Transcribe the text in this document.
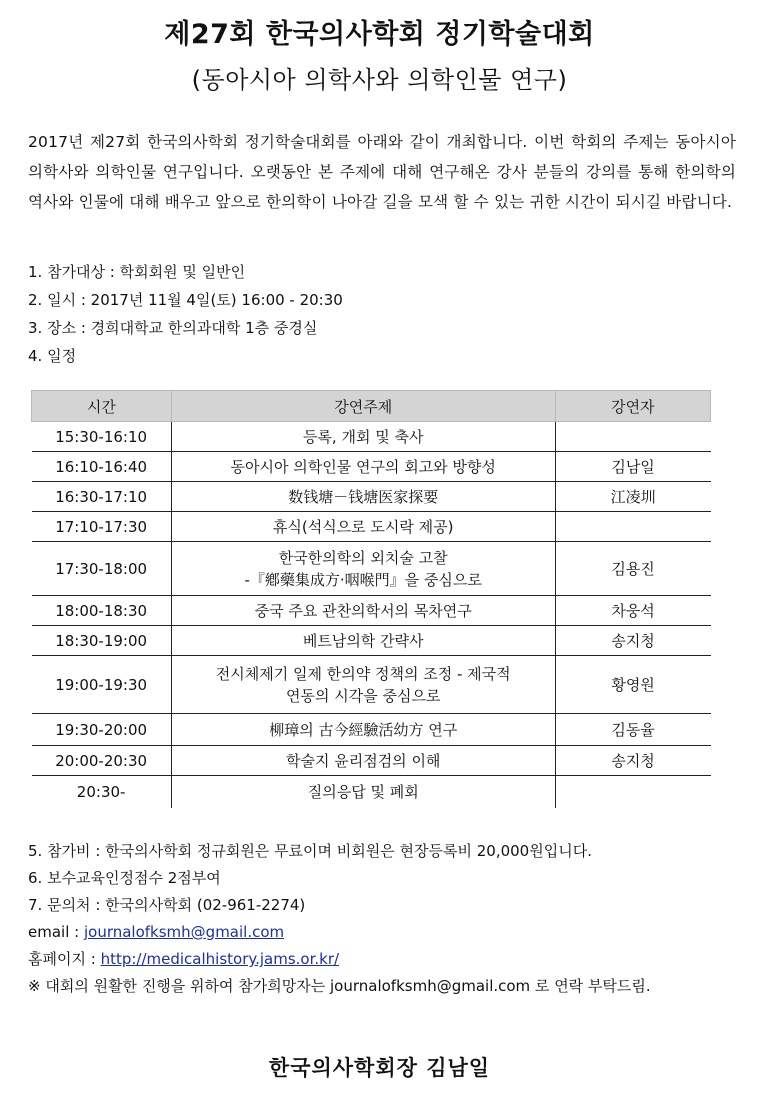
제27회 한국의사학회 정기학술대회
(동아시아 의학사와 의학인물 연구)
2017년 제27회 한국의사학회 정기학술대회를 아래와 같이 개최합니다. 이번 학회의 주제는 동아시아 의학사와 의학인물 연구입니다. 오랫동안 본 주제에 대해 연구해온 강사 분들의 강의를 통해 한의학의 역사와 인물에 대해 배우고 앞으로 한의학이 나아갈 길을 모색 할 수 있는 귀한 시간이 되시길 바랍니다.
1. 참가대상 : 학회회원 및 일반인
2. 일시 : 2017년 11월 4일(토) 16:00 - 20:30
3. 장소 : 경희대학교 한의과대학 1층 중경실
4. 일정
시간	강연주제	강연자
15:30-16:10	등록, 개회 및 축사	
16:10-16:40	동아시아 의학인물 연구의 회고와 방향성	김남일
16:30-17:10	数钱塘－钱塘医家探要	江凌圳
17:10-17:30	휴식(석식으로 도시락 제공)	
17:30-18:00	한국한의학의 외치술 고찰
-『鄕藥集成方·咽喉門』을 중심으로	김용진
18:00-18:30	중국 주요 관찬의학서의 목차연구	차웅석
18:30-19:00	베트남의학 간략사	송지청
19:00-19:30	전시체제기 일제 한의약 정책의 조정 - 제국적
연동의 시각을 중심으로	황영원
19:30-20:00	柳璋의 古今經驗活幼方 연구	김동율
20:00-20:30	학술지 윤리점검의 이해	송지청
20:30-	질의응답 및 폐회	
5. 참가비 : 한국의사학회 정규회원은 무료이며 비회원은 현장등록비 20,000원입니다.
6. 보수교육인정점수 2점부여
7. 문의처 : 한국의사학회 (02-961-2274)
email : journalofksmh@gmail.com
홈페이지 : http://medicalhistory.jams.or.kr/
※ 대회의 원활한 진행을 위하여 참가희망자는 journalofksmh@gmail.com 로 연락 부탁드림.
한국의사학회장 김남일
